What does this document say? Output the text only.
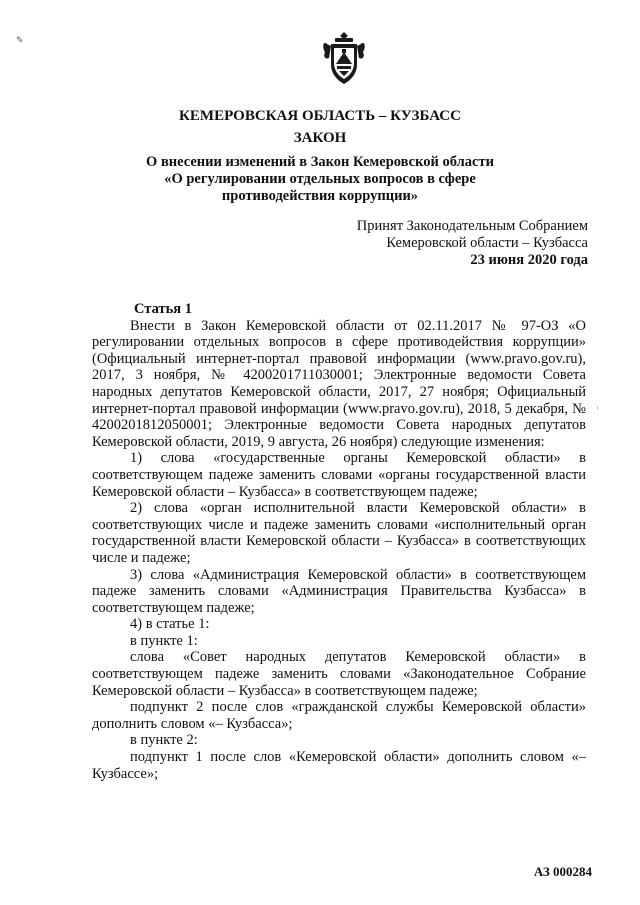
✎
·
КЕМЕРОВСКАЯ ОБЛАСТЬ – КУЗБАСС
ЗАКОН
О внесении изменений в Закон Кемеровской области
«О регулировании отдельных вопросов в сфере
противодействия коррупции»
Принят Законодательным Собранием
Кемеровской области – Кузбасса
23 июня 2020 года

Статья 1

Внести в Закон Кемеровской области от 02.11.2017 № 97-ОЗ «О регулировании отдельных вопросов в сфере противодействия коррупции» (Официальный интернет-портал правовой информации (www.pravo.gov.ru), 2017, 3 ноября, № 4200201711030001; Электронные ведомости Совета народных депутатов Кемеровской области, 2017, 27 ноября; Официальный интернет-портал правовой информации (www.pravo.gov.ru), 2018, 5 декабря, № 4200201812050001; Электронные ведомости Совета народных депутатов Кемеровской области, 2019, 9 августа, 26 ноября) следующие изменения:

1) слова «государственные органы Кемеровской области» в соответствующем падеже заменить словами «органы государственной власти Кемеровской области – Кузбасса» в соответствующем падеже;

2) слова «орган исполнительной власти Кемеровской области» в соответствующих числе и падеже заменить словами «исполнительный орган государственной власти Кемеровской области – Кузбасса» в соответствующих числе и падеже;

3) слова «Администрация Кемеровской области» в соответствующем падеже заменить словами «Администрация Правительства Кузбасса» в соответствующем падеже;

4) в статье 1:

в пункте 1:

слова «Совет народных депутатов Кемеровской области» в соответствующем падеже заменить словами «Законодательное Собрание Кемеровской области – Кузбасса» в соответствующем падеже;

подпункт 2 после слов «гражданской службы Кемеровской области» дополнить словом «– Кузбасса»;

в пункте 2:

подпункт 1 после слов «Кемеровской области» дополнить словом «– Кузбассе»;

АЗ 000284
